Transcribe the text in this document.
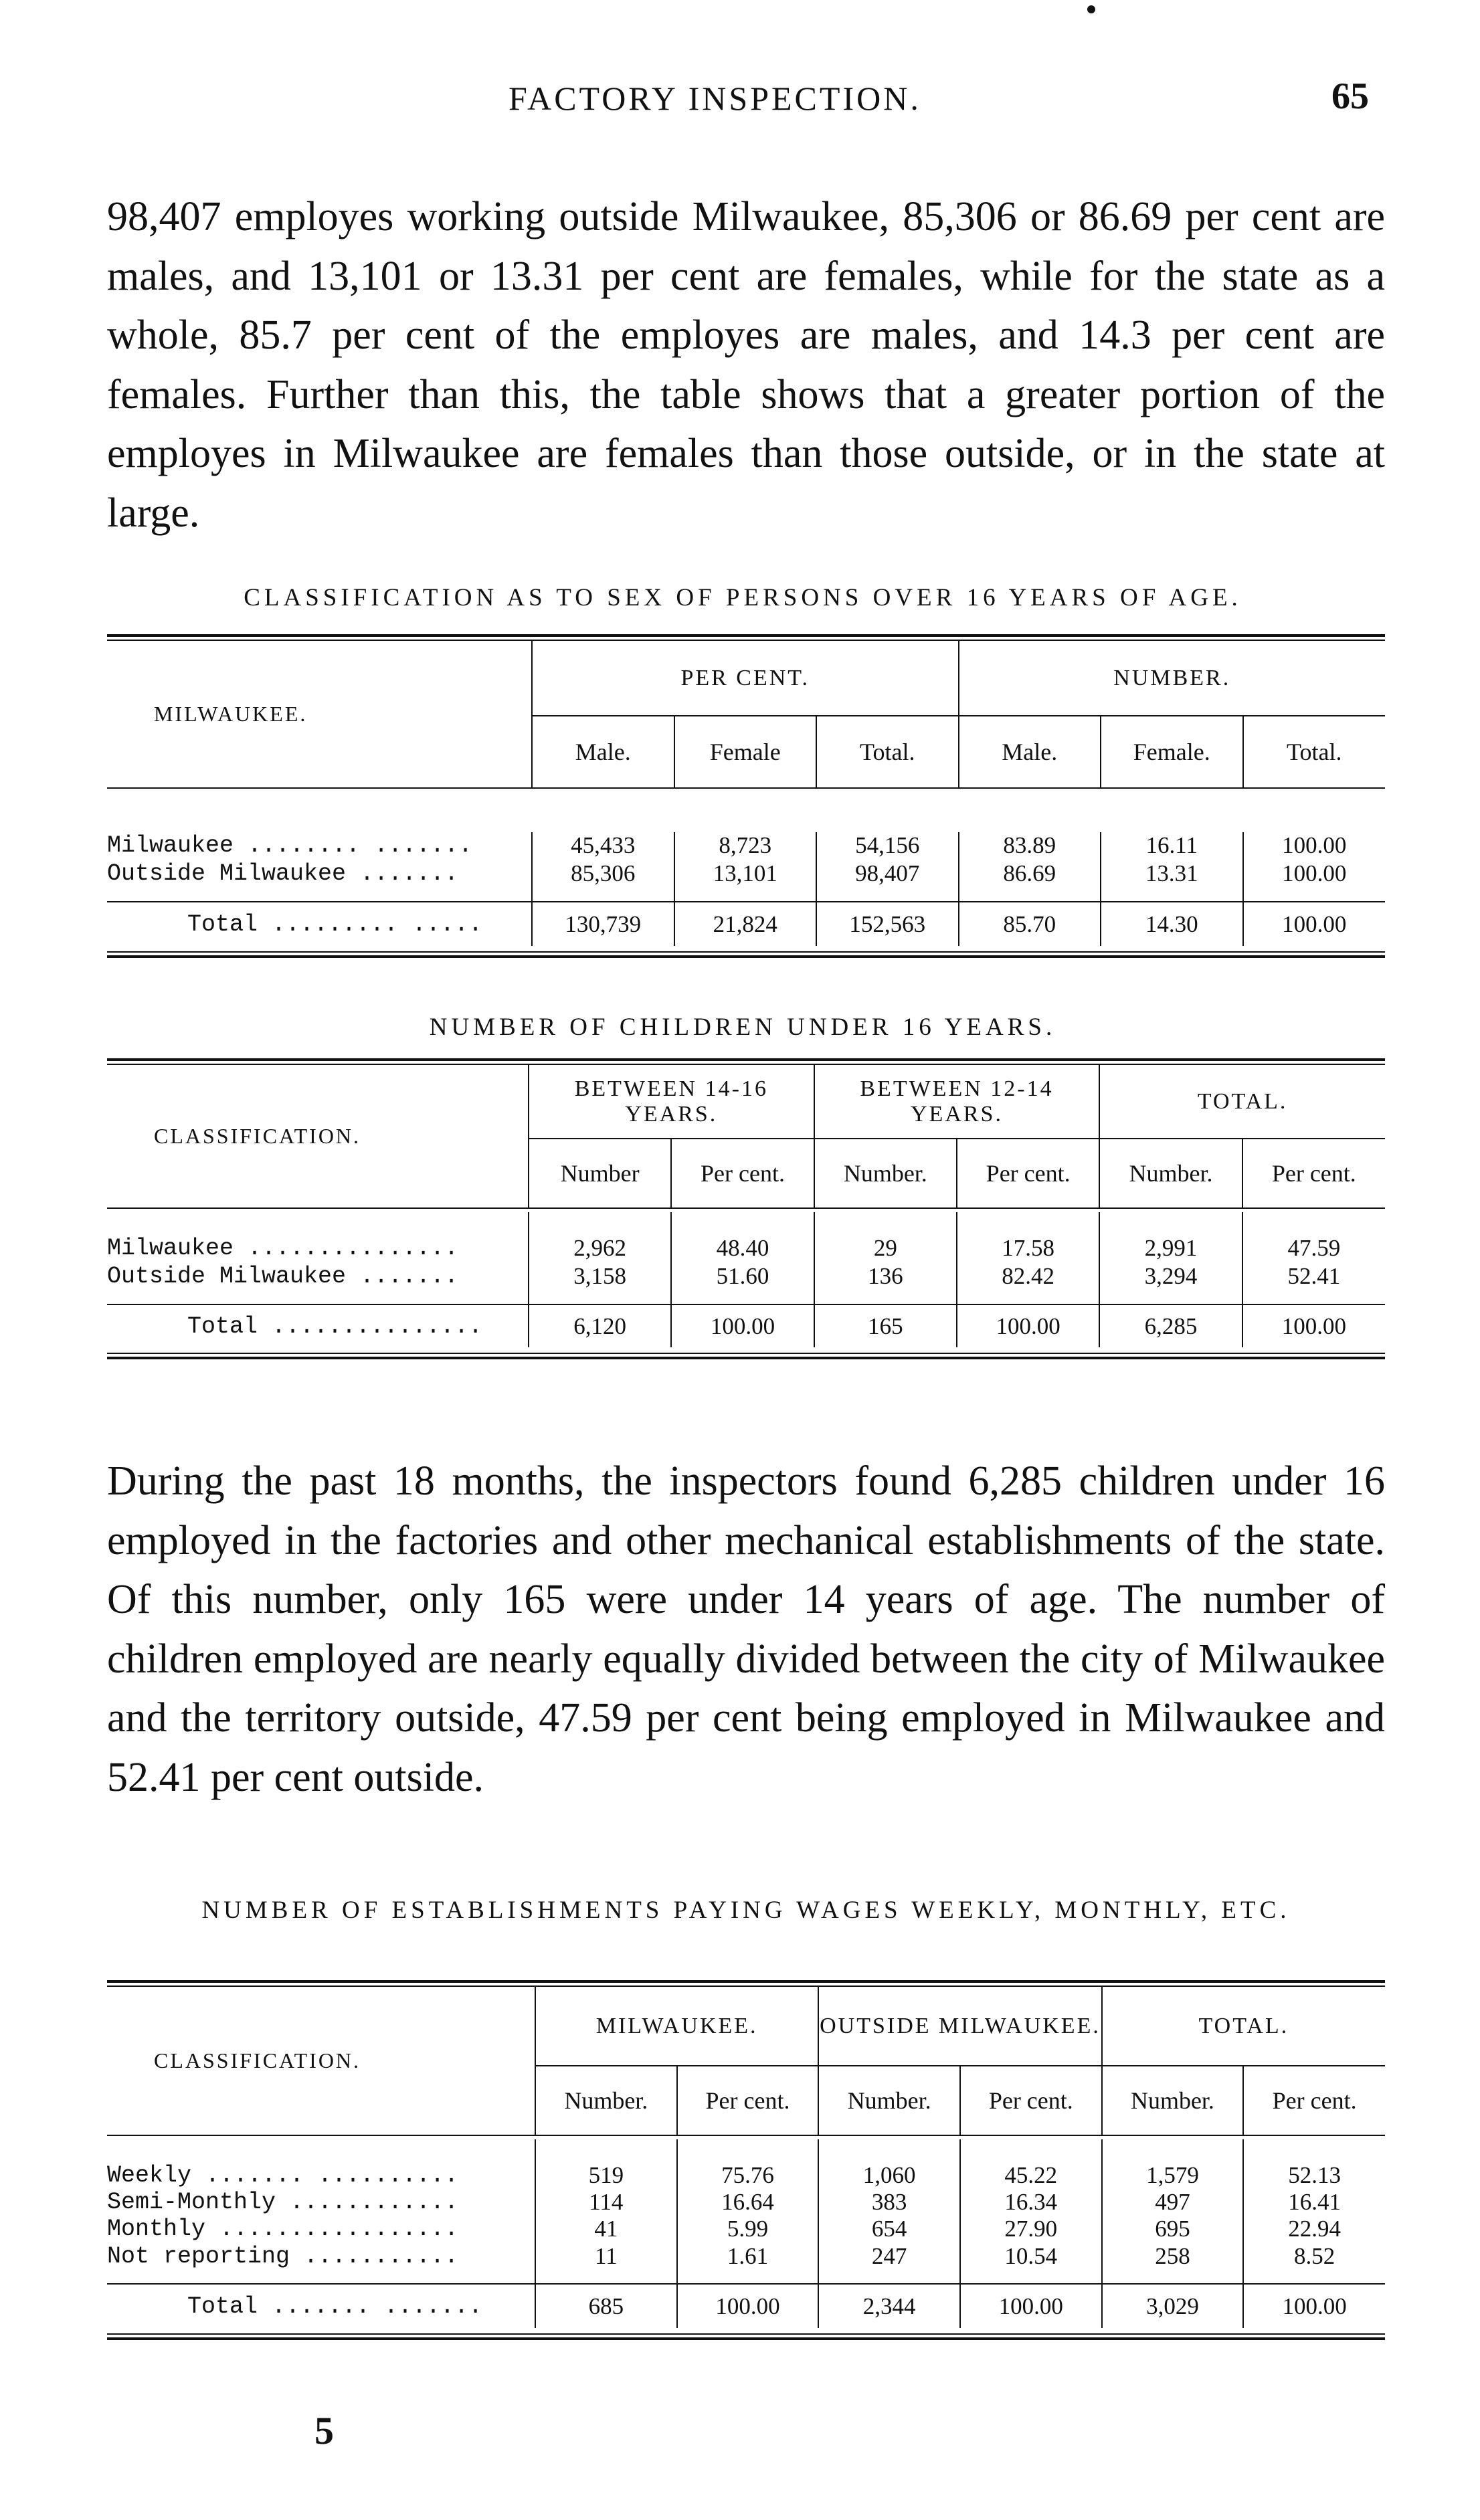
FACTORY INSPECTION.	65

98,407 employes working outside Milwaukee, 85,306 or 86.69 per cent are males, and 13,101 or 13.31 per cent are females, while for the state as a whole, 85.7 per cent of the employes are males, and 14.3 per cent are females. Further than this, the table shows that a greater portion of the employes in Milwaukee are females than those outside, or in the state at large.

CLASSIFICATION AS TO SEX OF PERSONS OVER 16 YEARS OF AGE.
MILWAUKEE.	PER CENT.			NUMBER.		
	Male.	Female	Total.	Male.	Female.	Total.

Milwaukee ........ .......	45,433	8,723	54,156	83.89	16.11	100.00
Outside Milwaukee .......	85,306	13,101	98,407	86.69	13.31	100.00

Total ......... .....	130,739	21,824	152,563	85.70	14.30	100.00
NUMBER OF CHILDREN UNDER 16 YEARS.
CLASSIFICATION.	BETWEEN 14-16 YEARS.		BETWEEN 12-14 YEARS.		TOTAL.	
	Number	Per cent.	Number.	Per cent.	Number.	Per cent.

Milwaukee ...............	2,962	48.40	29	17.58	2,991	47.59
Outside Milwaukee .......	3,158	51.60	136	82.42	3,294	52.41

Total ...............	6,120	100.00	165	100.00	6,285	100.00

During the past 18 months, the inspectors found 6,285 children under 16 employed in the factories and other mechanical establishments of the state. Of this number, only 165 were under 14 years of age. The number of children employed are nearly equally divided between the city of Milwaukee and the territory outside, 47.59 per cent being employed in Milwaukee and 52.41 per cent outside.

NUMBER OF ESTABLISHMENTS PAYING WAGES WEEKLY, MONTHLY, ETC.
CLASSIFICATION.	MILWAUKEE.		OUTSIDE MILWAUKEE.		TOTAL.	
	Number.	Per cent.	Number.	Per cent.	Number.	Per cent.

Weekly ....... ..........	519	75.76	1,060	45.22	1,579	52.13
Semi-Monthly ............	114	16.64	383	16.34	497	16.41
Monthly .................	41	5.99	654	27.90	695	22.94
Not reporting ...........	11	1.61	247	10.54	258	8.52

Total ....... .......	685	100.00	2,344	100.00	3,029	100.00
5
